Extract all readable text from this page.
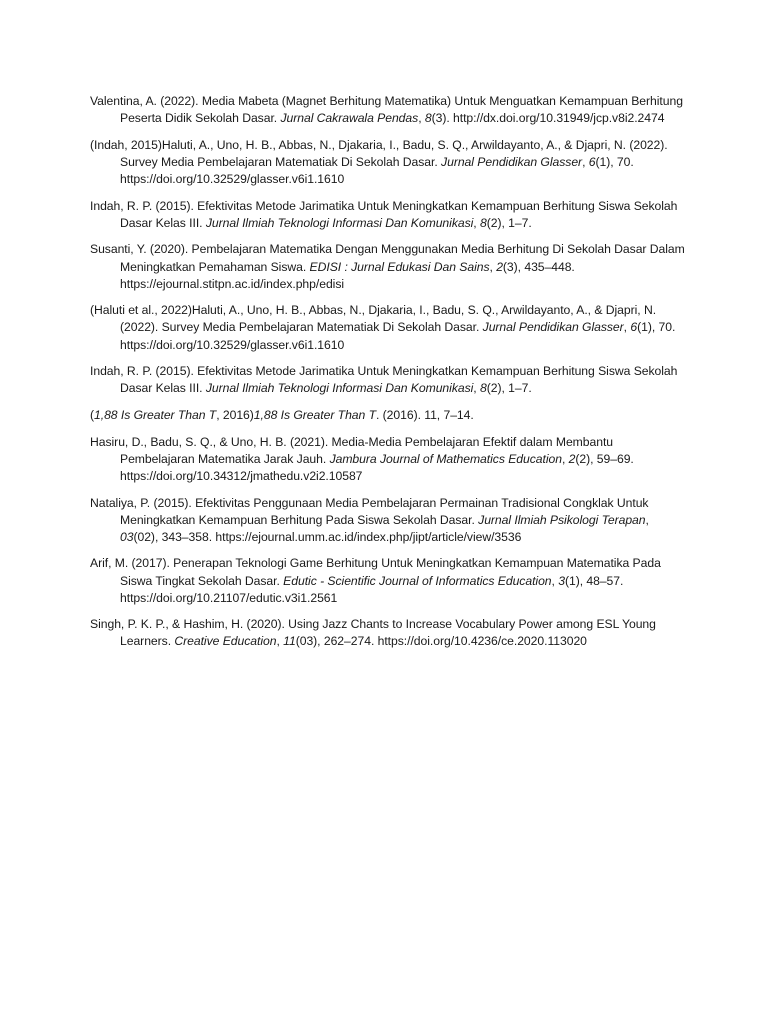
Valentina, A. (2022). Media Mabeta (Magnet Berhitung Matematika) Untuk Menguatkan Kemampuan Berhitung Peserta Didik Sekolah Dasar. Jurnal Cakrawala Pendas, 8(3). http://dx.doi.org/10.31949/jcp.v8i2.2474
(Indah, 2015)Haluti, A., Uno, H. B., Abbas, N., Djakaria, I., Badu, S. Q., Arwildayanto, A., & Djapri, N. (2022). Survey Media Pembelajaran Matematiak Di Sekolah Dasar. Jurnal Pendidikan Glasser, 6(1), 70. https://doi.org/10.32529/glasser.v6i1.1610
Indah, R. P. (2015). Efektivitas Metode Jarimatika Untuk Meningkatkan Kemampuan Berhitung Siswa Sekolah Dasar Kelas III. Jurnal Ilmiah Teknologi Informasi Dan Komunikasi, 8(2), 1–7.
Susanti, Y. (2020). Pembelajaran Matematika Dengan Menggunakan Media Berhitung Di Sekolah Dasar Dalam Meningkatkan Pemahaman Siswa. EDISI : Jurnal Edukasi Dan Sains, 2(3), 435–448. https://ejournal.stitpn.ac.id/index.php/edisi
(Haluti et al., 2022)Haluti, A., Uno, H. B., Abbas, N., Djakaria, I., Badu, S. Q., Arwildayanto, A., & Djapri, N. (2022). Survey Media Pembelajaran Matematiak Di Sekolah Dasar. Jurnal Pendidikan Glasser, 6(1), 70. https://doi.org/10.32529/glasser.v6i1.1610
Indah, R. P. (2015). Efektivitas Metode Jarimatika Untuk Meningkatkan Kemampuan Berhitung Siswa Sekolah Dasar Kelas III. Jurnal Ilmiah Teknologi Informasi Dan Komunikasi, 8(2), 1–7.
(1,88 Is Greater Than T, 2016)1,88 Is Greater Than T. (2016). 11, 7–14.
Hasiru, D., Badu, S. Q., & Uno, H. B. (2021). Media-Media Pembelajaran Efektif dalam Membantu Pembelajaran Matematika Jarak Jauh. Jambura Journal of Mathematics Education, 2(2), 59–69. https://doi.org/10.34312/jmathedu.v2i2.10587
Nataliya, P. (2015). Efektivitas Penggunaan Media Pembelajaran Permainan Tradisional Congklak Untuk Meningkatkan Kemampuan Berhitung Pada Siswa Sekolah Dasar. Jurnal Ilmiah Psikologi Terapan, 03(02), 343–358. https://ejournal.umm.ac.id/index.php/jipt/article/view/3536
Arif, M. (2017). Penerapan Teknologi Game Berhitung Untuk Meningkatkan Kemampuan Matematika Pada Siswa Tingkat Sekolah Dasar. Edutic - Scientific Journal of Informatics Education, 3(1), 48–57. https://doi.org/10.21107/edutic.v3i1.2561
Singh, P. K. P., & Hashim, H. (2020). Using Jazz Chants to Increase Vocabulary Power among ESL Young Learners. Creative Education, 11(03), 262–274. https://doi.org/10.4236/ce.2020.113020
